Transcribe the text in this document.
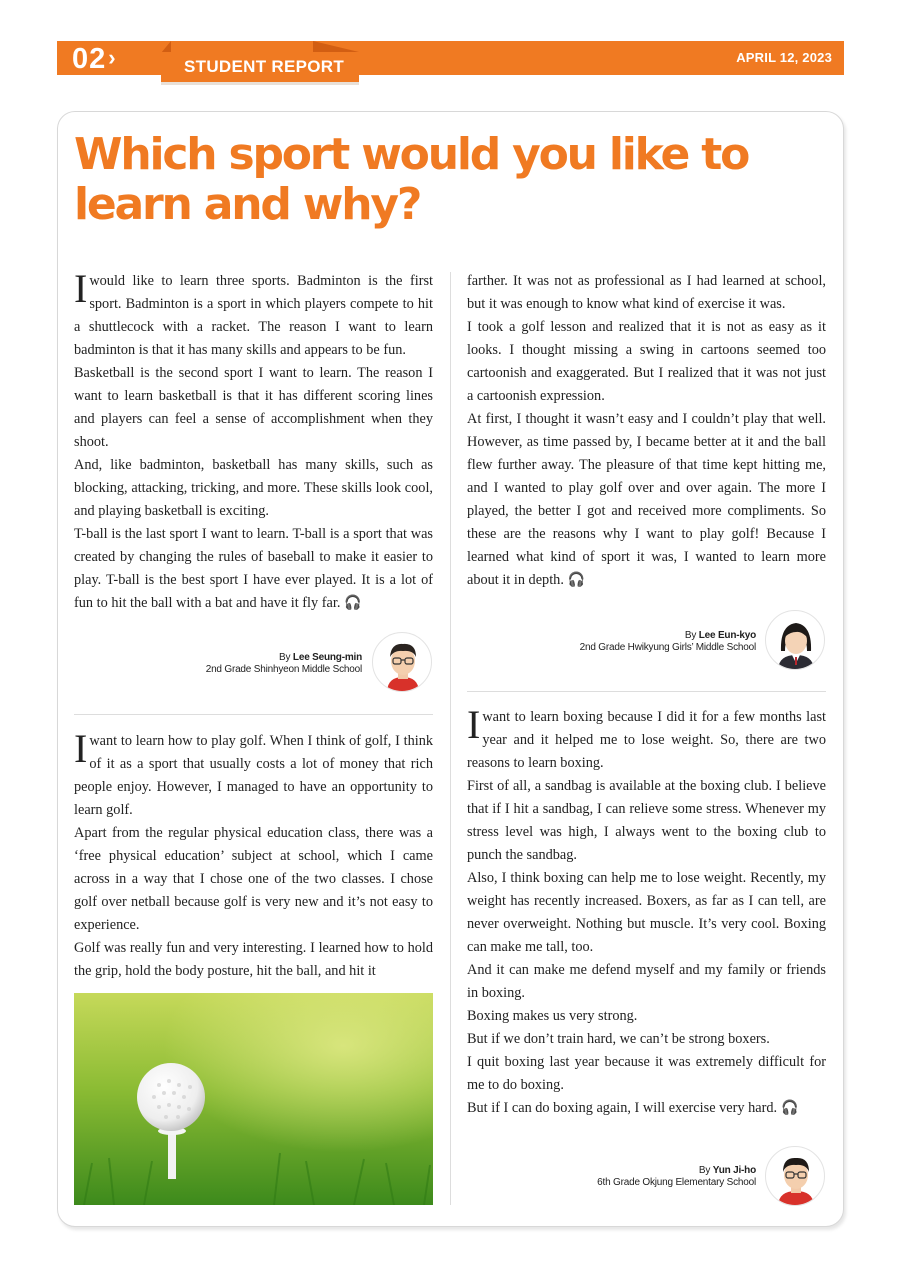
02›	STUDENT REPORT	APRIL 12, 2023
Which sport would you like to learn and why?

I would like to learn three sports. Badminton is the first sport. Badminton is a sport in which players compete to hit a shuttlecock with a racket. The reason I want to learn badminton is that it has many skills and appears to be fun.

Basketball is the second sport I want to learn. The reason I want to learn basketball is that it has different scoring lines and players can feel a sense of accomplishment when they shoot.

And, like badminton, basketball has many skills, such as blocking, attacking, tricking, and more. These skills look cool, and playing basketball is exciting.

T-ball is the last sport I want to learn. T-ball is a sport that was created by changing the rules of baseball to make it easier to play. T-ball is the best sport I have ever played. It is a lot of fun to hit the ball with a bat and have it fly far. 🎧

By Lee Seung-min
2nd Grade Shinhyeon Middle School

I want to learn how to play golf. When I think of golf, I think of it as a sport that usually costs a lot of money that rich people enjoy. However, I managed to have an opportunity to learn golf.

Apart from the regular physical education class, there was a ‘free physical education’ subject at school, which I came across in a way that I chose one of the two classes. I chose golf over netball because golf is very new and it’s not easy to experience.

Golf was really fun and very interesting. I learned how to hold the grip, hold the body posture, hit the ball, and hit it

farther. It was not as professional as I had learned at school, but it was enough to know what kind of exercise it was.

I took a golf lesson and realized that it is not as easy as it looks. I thought missing a swing in cartoons seemed too cartoonish and exaggerated. But I realized that it was not just a cartoonish expression.

At first, I thought it wasn’t easy and I couldn’t play that well. However, as time passed by, I became better at it and the ball flew further away. The pleasure of that time kept hitting me, and I wanted to play golf over and over again. The more I played, the better I got and received more compliments. So these are the reasons why I want to play golf! Because I learned what kind of sport it was, I wanted to learn more about it in depth. 🎧

By Lee Eun-kyo
2nd Grade Hwikyung Girls’ Middle School

I want to learn boxing because I did it for a few months last year and it helped me to lose weight. So, there are two reasons to learn boxing.

First of all, a sandbag is available at the boxing club. I believe that if I hit a sandbag, I can relieve some stress. Whenever my stress level was high, I always went to the boxing club to punch the sandbag.

Also, I think boxing can help me to lose weight. Recently, my weight has recently increased. Boxers, as far as I can tell, are never overweight. Nothing but muscle. It’s very cool. Boxing can make me tall, too.

And it can make me defend myself and my family or friends in boxing.

Boxing makes us very strong.

But if we don’t train hard, we can’t be strong boxers.

I quit boxing last year because it was extremely difficult for me to do boxing.

But if I can do boxing again, I will exercise very hard. 🎧

By Yun Ji-ho
6th Grade Okjung Elementary School
